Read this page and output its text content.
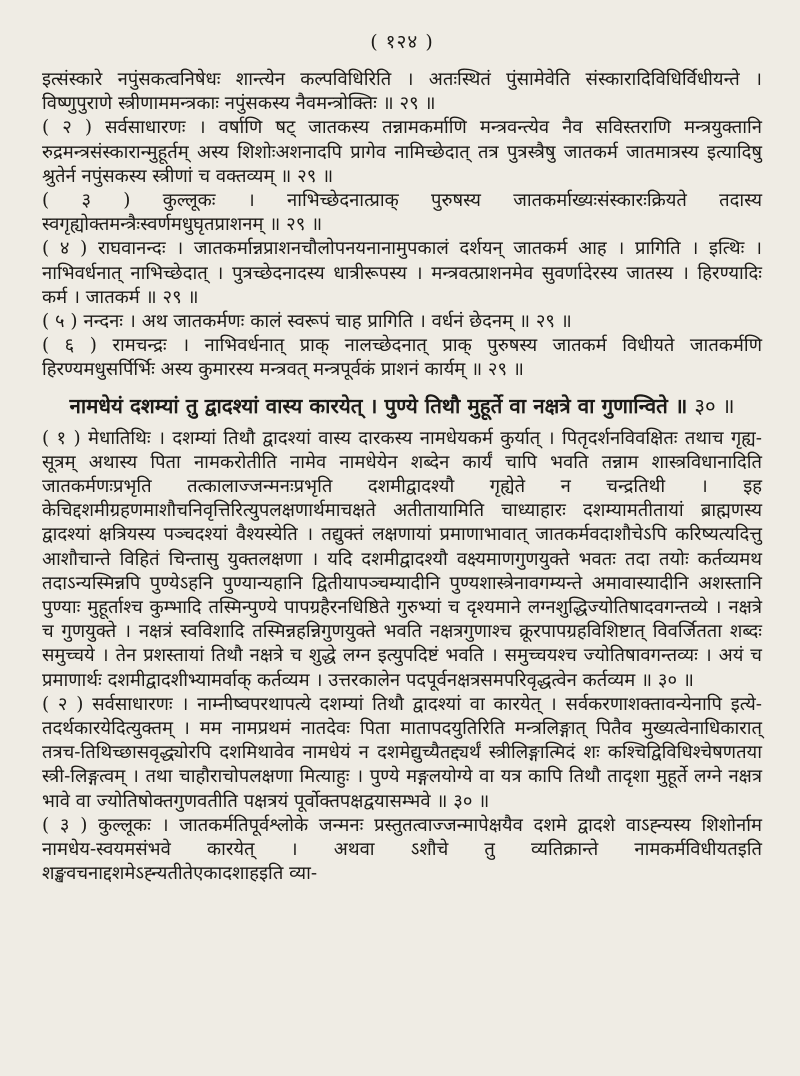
( १२४ )

इत्संस्कारे नपुंसकत्वनिषेधः शान्त्येन कल्पविधिरिति । अतःस्थितं पुंसामेवेति संस्कारादिविधिर्विधीयन्ते । विष्णुपुराणे स्त्रीणाममन्त्रकाः नपुंसकस्य नैवमन्त्रोक्तिः ॥ २९ ॥

( २ ) सर्वसाधारणः । वर्षाणि षट् जातकस्य तन्नामकर्माणि मन्त्रवन्त्येव नैव सविस्तराणि मन्त्रयुक्तानि रुद्रमन्त्रसंस्कारान्मुहूर्तम् अस्य शिशोःअशनादपि प्रागेव नामिच्छेदात् तत्र पुत्रस्त्रैषु जातकर्म जातमात्रस्य इत्यादिषु श्रुतेर्न नपुंसकस्य स्त्रीणां च वक्तव्यम् ॥ २९ ॥

( ३ ) कुल्लूकः । नाभिच्छेदनात्प्राक् पुरुषस्य जातकर्माख्यःसंस्कारःक्रियते तदास्य स्वगृह्योक्तमन्त्रैःस्वर्णमधुघृतप्राशनम् ॥ २९ ॥

( ४ ) राघवानन्दः । जातकर्मान्नप्राशनचौलोपनयनानामुपकालं दर्शयन् जातकर्म आह । प्रागिति । इत्थिः । नाभिवर्धनात् नाभिच्छेदात् । पुत्रच्छेदनादस्य धात्रीरूपस्य । मन्त्रवत्प्राशनमेव सुवर्णादेरस्य जातस्य । हिरण्यादिः कर्म । जातकर्म ॥ २९ ॥

( ५ ) नन्दनः । अथ जातकर्मणः कालं स्वरूपं चाह प्रागिति । वर्धनं छेदनम् ॥ २९ ॥

( ६ ) रामचन्द्रः । नाभिवर्धनात् प्राक् नालच्छेदनात् प्राक् पुरुषस्य जातकर्म विधीयते जातकर्मणि हिरण्यमधुसर्पिर्भिः अस्य कुमारस्य मन्त्रवत् मन्त्रपूर्वकं प्राशनं कार्यम् ॥ २९ ॥

नामधेयं दशम्यां तु द्वादश्यां वास्य कारयेत् । पुण्ये तिथौ मुहूर्ते वा नक्षत्रे वा गुणान्विते ॥ ३० ॥

( १ ) मेधातिथिः । दशम्यां तिथौ द्वादश्यां वास्य दारकस्य नामधेयकर्म कुर्यात् । पितृदर्शनविवक्षितः तथाच गृह्य-सूत्रम् अथास्य पिता नामकरोतीति नामेव नामधेयेन शब्देन कार्यं चापि भवति तन्नाम शास्त्रविधानादिति जातकर्मणःप्रभृति तत्कालाज्जन्मनःप्रभृति दशमीद्वादश्यौ गृह्येते न चन्द्रतिथी । इह केचिद्दशमीग्रहणमाशौचनिवृत्तिरित्युपलक्षणार्थमाचक्षते अतीतायामिति चाध्याहारः दशम्यामतीतायां ब्राह्मणस्य द्वादश्यां क्षत्रियस्य पञ्चदश्यां वैश्यस्येति । तद्युक्तं लक्षणायां प्रमाणाभावात् जातकर्मवदाशौचेऽपि करिष्यत्यदित्तु आशौचान्ते विहितं चिन्तासु युक्तलक्षणा । यदि दशमीद्वादश्यौ वक्ष्यमाणगुणयुक्ते भवतः तदा तयोः कर्तव्यमथ तदाऽन्यस्मिन्नपि पुण्येऽहनि पुण्यान्यहानि द्वितीयापञ्चम्यादीनि पुण्यशास्त्रेनावगम्यन्ते अमावास्यादीनि अशस्तानि पुण्याः मुहूर्ताश्च कुम्भादि तस्मिन्पुण्ये पापग्रहैरनधिष्ठिते गुरुभ्यां च दृश्यमाने लग्नशुद्धिज्योतिषादवगन्तव्ये । नक्षत्रे च गुणयुक्ते । नक्षत्रं स्वविशादि तस्मिन्नहन्निगुणयुक्ते भवति नक्षत्रगुणाश्च क्रूरपापग्रहविशिष्टात् विवर्जितता शब्दः समुच्चये । तेन प्रशस्तायां तिथौ नक्षत्रे च शुद्धे लग्न इत्युपदिष्टं भवति । समुच्चयश्च ज्योतिषावगन्तव्यः । अयं च प्रमाणार्थः दशमीद्वादशीभ्यामर्वाक् कर्तव्यम । उत्तरकालेन पदपूर्वनक्षत्रसमपरिवृद्धत्वेन कर्तव्यम ॥ ३० ॥

( २ ) सर्वसाधारणः । नाम्नीष्वपरथापत्ये दशम्यां तिथौ द्वादश्यां वा कारयेत् । सर्वकरणाशक्तावन्येनापि इत्ये-तदर्थकारयेदित्युक्तम् । मम नामप्रथमं नातदेवः पिता मातापदयुतिरिति मन्त्रलिङ्गात् पितैव मुख्यत्वेनाधिकारात् तत्रच-तिथिच्छासवृद्ध्योरपि दशमिथावेव नामधेयं न दशमेद्युच्यैतद्द्यर्थं स्त्रीलिङ्गात्मिदं शः कश्चिद्विविधिश्चेषणतया स्त्री-लिङ्गत्वम् । तथा चाहौराचोपलक्षणा मित्याहुः । पुण्ये मङ्गलयोग्ये वा यत्र कापि तिथौ तादृशा मुहूर्ते लग्ने नक्षत्र भावे वा ज्योतिषोक्तगुणवतीति पक्षत्रयं पूर्वोक्तपक्षद्वयासम्भवे ॥ ३० ॥

( ३ ) कुल्लूकः । जातकर्मतिपूर्वश्लोके जन्मनः प्रस्तुतत्वाज्जन्मापेक्षयैव दशमे द्वादशे वाऽह्न्यस्य शिशोर्नाम नामधेय-स्वयमसंभवे कारयेत् । अथवा ऽशौचे तु व्यतिक्रान्ते नामकर्मविधीयतइति शङ्खवचनाद्दशमेऽह्न्यतीतेएकादशाहइति व्या-
